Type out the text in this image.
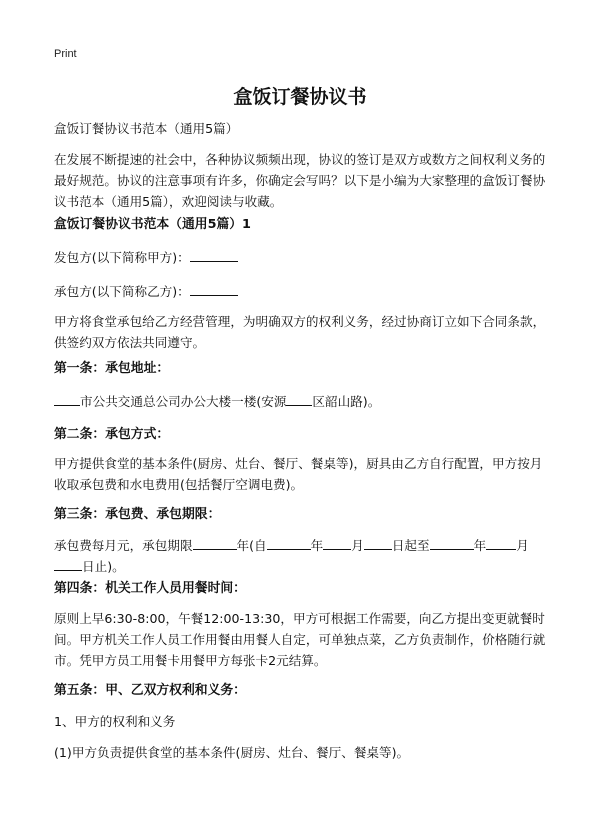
Print
盒饭订餐协议书

盒饭订餐协议书范本（通用5篇）

在发展不断提速的社会中，各种协议频频出现，协议的签订是双方或数方之间权利义务的最好规范。协议的注意事项有许多，你确定会写吗？以下是小编为大家整理的盒饭订餐协议书范本（通用5篇），欢迎阅读与收藏。

盒饭订餐协议书范本（通用5篇）1

发包方(以下简称甲方)：

承包方(以下简称乙方)：

甲方将食堂承包给乙方经营管理，为明确双方的权利义务，经过协商订立如下合同条款，供签约双方依法共同遵守。

第一条：承包地址：

市公共交通总公司办公大楼一楼(安源 区韶山路)。

第二条：承包方式：

甲方提供食堂的基本条件(厨房、灶台、餐厅、餐桌等)，厨具由乙方自行配置，甲方按月收取承包费和水电费用(包括餐厅空调电费)。

第三条：承包费、承包期限：

承包费每月元，承包期限	年(自	年 月 日起至	年 月日止)。

第四条：机关工作人员用餐时间：

原则上早6:30-8:00，午餐12:00-13:30，甲方可根据工作需要，向乙方提出变更就餐时间。甲方机关工作人员工作用餐由用餐人自定，可单独点菜，乙方负责制作，价格随行就市。凭甲方员工用餐卡用餐甲方每张卡2元结算。

第五条：甲、乙双方权利和义务：

1、甲方的权利和义务

(1)甲方负责提供食堂的基本条件(厨房、灶台、餐厅、餐桌等)。
